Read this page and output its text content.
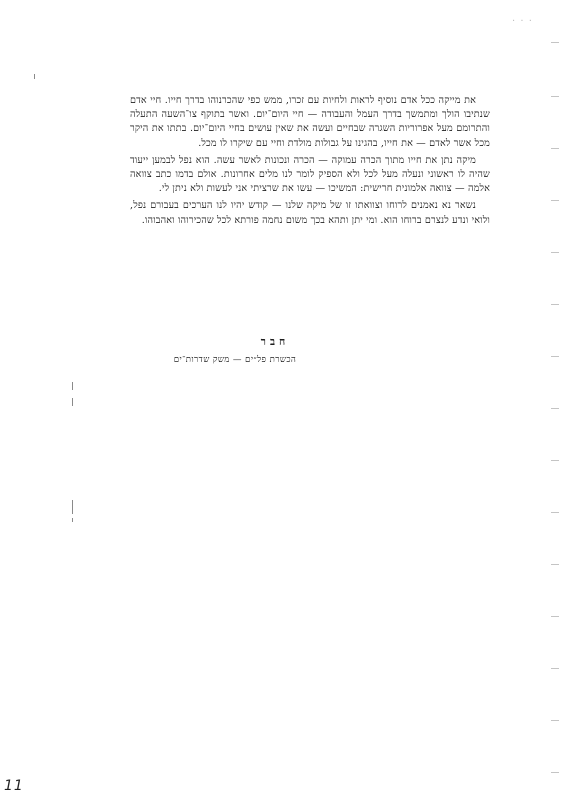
· · ·

את מייקה ככל אדם נוסיף לראות ולחיות עם זכרו, ממש כפי שהכרנוהו בדרך חייו. חיי אדם שנתיבו הולך ומתמשך בדרך העמל והעבודה — חיי היום־יום. ואשר בתוקף צו־השעה התעלה והתרומם מעל אפרוריות השגרה שבחיים ועשה את שאין עושים בחיי היום־יום. בתתו את היקר מכל אשר לאדם — את חייו, בהגינו על גבולות מולדת וחיי עם שיקרו לו מכל.

מיקה נתן את חייו מתוך הכרה עמוקה — הכרה ונכונות לאשר עשה. הוא נפל לבמען ייעוד שהיה לו ראשוני ונעלה מעל לכל ולא הספיק לומר לנו מלים אחרונות. אולם בדמו כתב צוואה אלמה — צוואה אלמונית חרישית: המשיכו — עשו את שרציתי אני לעשות ולא ניתן לי.

נשאר נא נאמנים לרוחו וצוואתו זו של מיקה שלנו — קודש יהיו לנו הערכים בעבורם נפל, ולואי ונדע לנצרם ברוחו הוא. ומי יתן ותהא בכך משום נחמה פורתא לכל שהכירוהו ואהבוהו.

חבר
הכשרת פל״ים — משק שדרות־ים
11
